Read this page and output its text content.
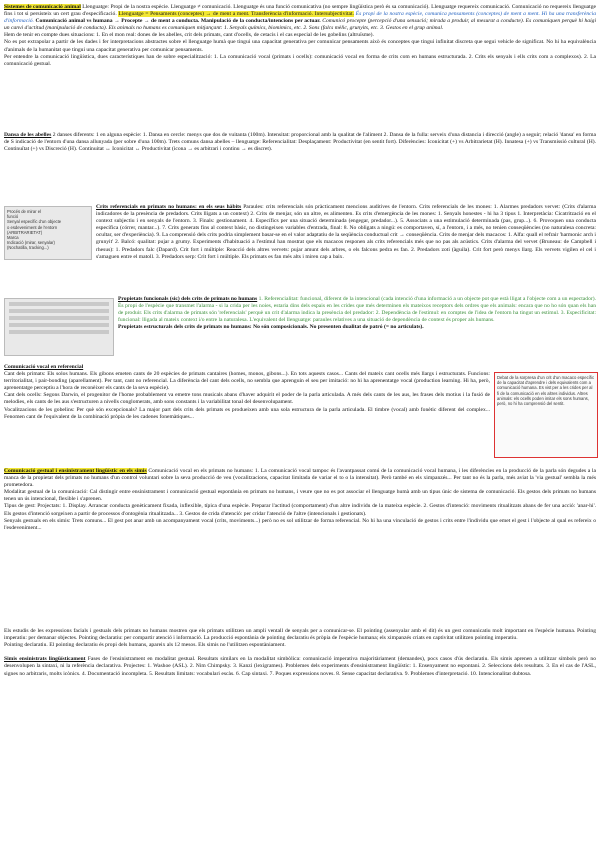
Sistemes de comunicació animal Llenguatge: Propi de la nostra espècie. Llenguatge ≠ comunicació. Llenguatge és una funció comunicativa (no sempre lingüística però és sa comunicació). Llenguatge requereix comunicació. Comunicació no requereix llenguatge fins i tot si persisteix un cert grau d'especificació. Llenguatge = Pensaments (conceptes) → de ment a ment. Transferència d'informació. Intersubjectivitat. És propi de la nostra espècie, comunica pensaments (conceptes) de ment a ment. Hi ha una transferència d'informació. Comunicació animal vs humana → Procepte → de ment a conducta. Manipulació de la conducta/intencions per actuar. Comunicó procepte (percepció d'una sensació; mirada a produir, al mesurat a conducte). Es comuniquen perquè hi haigi un canvi d'actitud (manipulació de conducta). Els animals no humans es comuniquen mitjançant: 1. Senyals químics, biomimics, etc. 2. Sons (falcs mèlic, grunyits, etc. 3. Gestos en el grup animal.
Hem de tenir en compte dues situacions: 1. En el mon real: dones de les abelles, crit dels primats, cant d'ocells, de cetacis i el cas especial de les gobelins (altruïsme).
No es pot extrapolar a partir de les dades i fer interpretacions abstractes sobre el llenguatge humà que tingui una capacitat generativa per comunicar pensaments això és conceptes que tingui infinitat discreta que segui vehicle de significat. No hi ha equivalència d'animals de la humanitat que tingui una capacitat generativa per comunicar pensaments.
Per entendre la comunicació lingüística, dues característiques han de sobre especialització: 1. La comunicació vocal (primats i ocells): comunicació vocal en forma de crits com en humans estructurada. 2. Crits els senyals i ells crits com a complexos). 2. La comunicació gestual.
Dansa de les abelles 2 danses diferents: 1 en alguna espècie: 1. Dansa en cercle: menys que dos de vuitanta (100m). Intensitat: proporcional amb la qualitat de l'aliment 2. Dansa de la fulla: serveix d'una distancia i direcció (angle) a seguir; relació 'dansa' en forma de S indicació de l'entorn d'una dansa allunyada (per sobre d'una 100m). Trets comuns dansa abelles – llenguatge: Referencialitat: Desplaçament: Productivitat (en sentit fort). Diferències: Iconicitat (+) vs Arbitrarietat (H). Innatesa (+) vs Transmissió cultural (H). Continuïtat (+) vs Discreció (H). Continuitat ↔ Iconicitat ↔ Productivitat (icona → es arbitrari i continu → es discret).
Procés de mirar el
funció
Senyal específic d'un objecte
o esdeveniment de l'entorn
(ARBITRARIETAT)
Marca
Indicació (mirar, senyalar)
(Nochatilla, tracking...)
Crits referencials en primats no humans: en els seus hàbits Paraules: crits referencials són pràcticament mencions auditives de l'entorn. Crits referencials de les mones: 1. Alarmes predadors vervet: (Crits d'alarma indicadores de la presència de predadors. Crits lligats a un context) 2. Crits de menjar, són un altre, es alimenten. Es crits d'emergència de les mones: 1. Senyals honestes - hi ha 3 tipus 1. Interpretàcia: Cicatrització en el context subjectiu i en senyals de l'entorn. 3. Finals: gestionament. 4. Específics per una situació determinada (engegar, predador...). 5. Associats a una estimulació determinada (pas, grup...). 6. Provoquen una conducta específica (córrer, mantar...). 7. Crits generats fins al context bàsic, no distingeixen variables d'entrada, final: 8. No obligats a ningú: es comportaven, sí, a l'entorn, i a més, no tenien conseqüències (no naturalesa concreta: ocultar, ser d'experiència). 9. La comprensió dels crits podria simplement basar-se en el valor adaptatiu de la seqüència conductual crit → conseqüència. Crits de menjar dels macacos: 1. Alfa: quall el refrair 'harmonic arch i grunyit' 2. Balcó: qualitat: pujar a grumy. Experiments d'habituació a l'estímul han mostrat que els macacos responen als crits referencials més que no pas als acústics. Crits d'alarma del vervet (Bruneau: de Campbell i rhesus): 1. Predadors falc (Dapard). Crit fort i múltiple: Reacció dels altres vervets: pujar amunt dels arbres, o els falcons pedra es fan. 2. Predadors zoti (àguila). Crit fort però menys llarg. Els vervets vigilen el cel i s'amaguen entre el matoll. 3. Predadors serp: Crit fort i múltiple. Els primats es fan més alts i miren cap a baix.
Propietats funcionals (sic) dels crits de primats no humans 1. Referencialitat: funcional, diferent de la intencional (cada intenció d'una informació a un objecte pot que està lligat a l'objecte com a un espectador). És propi de l'espècie que transmet l'alarma - si la crida per les noies, estaria dins dels espais en les crides que més determinen els mateixos receptors dels ordres que els animals: encara que no ho són quan els han de produir. Els crits d'alarma de primats són 'referencials' perquè un crit d'alarma indica la presència del predador: 2. Dependència de l'estímul: en comptes de l'idea de l'entorn ha tingut un estímul. 3. Especificitat: funcional: lligada al mateix context i/o entre la naturalesa. L'equivalent del llenguatge: paraules relatives a una situació de dependència de context és proper als humans.
Propietats estructurals dels crits de primats no humans: No són composicionals. No presenten dualitat de patró (= no articulats).
Comunicació vocal en referencial
Cant dels primats: Els solos humans. Els gibons emeten cants de 20 espècies de primats cantaires (homes, monos, gibons...). En tots aquests casos... Cants del mateix cant ocells més llargs i estructurats. Funcions: territorialitat, i pair-bonding (aparellament). Per tant, cant no referencial. La diferència del cant dels ocells, no sembla que aprenguin el seu per imitació: no hi ha aprenentatge vocal (production learning. Hi ha, però, aprenentatge perceptiu a l'hora de reconèixer els cants de la seva espècie).
Cant dels ocells: Segons Darwin, el progenitor de l'home probablement va emetre tons musicals abans d'haver adquirit el poder de la parla articulada. A més dels cants de les aus, les frases dels motius i la fusió de melodies, els cants de les aus s'estructuren a nivells conglomerats, amb sons constants i la variabilitat tonal del desenvolupament.
Vocalitzacions de les gobelins: Per què són excepcionals? La major part dels crits dels primats es produeixen amb una sola estructura de la parla articulada. El timbre (vocal) amb fonètic diferent del complex... Fenomen cant de l'equivalent de la combinació pròpia de les cadenes fonemàtiques...
Debat de la sorpresa d'un crit d'un macaco específic de la capacitat d'aprendre i dels equivalents com a comunicació humana. Es vist per a les crides per al fi de la comunicació en els altres individus. Altres animals: els ocells poden imitar els sons humans, però, no hi ha comprensió del sentit.
Comunicació gestual i ensinistrament lingüístic en els simis Comunicació vocal en els primats no humans: 1. La comunicació vocal tampoc és l'avantpassat comú de la comunicació vocal humana, i les diferències en la producció de la parla són degudes a la manca de la propietat dels primats no humans d'un control voluntari sobre la seva producció de veu (vocalitzacions, capacitat limitada de variar el to o la intensitat). Però també en els ximpanzés... Per tant no és la parla, més aviat la 'via gestual' sembla la més prometedora.
Modalitat gestual de la comunicació: Cal distingir entre ensinistrament i comunicació gestual espontània en primats no humans, i veure que no es pot associar el llenguatge humà amb un tipus únic de sistema de comunicació. Els gestos dels primats no humans tenen un ús intencional, flexible i s'aprenen.
Tipus de gest: Projectats: 1. Display. Arrancar conducta genèticament fixada, inflexible, típica d'una espècie. Preparar l'actitud (comportament) d'un altre individu de la mateixa espècie. 2. Gestos d'intenció: moviments ritualitzats abans de fer una acció: 'anar-hi'. Els gestos d'intenció sorgeixen a partir de processos d'ontogènia ritualitzada... 3. Gestos de crida d'atenció: per cridar l'atenció de l'altre (intencionals i gestionats).
Senyals gestuals en els simis: Trets comuns... El gest pot anar amb un acompanyament vocal (crits, moviments...) però no es sol utilitzar de forma referencial. No hi ha una vinculació de gestos i crits entre l'individu que emet el gest i l'objecte al qual es refereix o l'esdeveniment...
Els estudis de les expressions facials i gestuals dels primats no humans mostren que els primats utilitzen un ampli ventall de senyals per a comunicar-se. El pointing (assenyalar amb el dit) és un gest comunicatiu molt important en l'espècie humana. Pointing imperatiu: per demanar objectes. Pointing declaratiu: per compartir atenció i informació. La producció espontània de pointing declaratiu és pròpia de l'espècie humana; els ximpanzés criats en captivitat utilitzen pointing imperatiu.
Pointing declaratiu. El pointing declaratiu és propi dels humans, apareix als 12 mesos. Els simis no l'utilitzen espontàniament.

Simis ensinistrats lingüísticament Fases de l'ensinistrament en modalitat gestual. Resultats similars en la modalitat simbòlica: comunicació imperativa majoritàriament (demandes), pocs casos d'ús declaratiu. Els simis aprenen a utilitzar símbols però no desenvolupen la sintaxi, ni la referència declarativa. Projectes: 1. Washoe (ASL). 2. Nim Chimpsky. 3. Kanzi (lexigrames). Problemes dels experiments d'ensinistrament lingüístic: 1. Ensenyament no espontani. 2. Seleccions dels resultats. 3. En el cas de l'ASL, signes no arbitraris, molts icònics. 4. Documentació incompleta. 5. Resultats limitats: vocabulari escàs. 6. Cap sintaxi. 7. Poques expressions noves. 8. Sense capacitat declarativa. 9. Problemes d'interpretació. 10. Intencionalitat dubtosa.
